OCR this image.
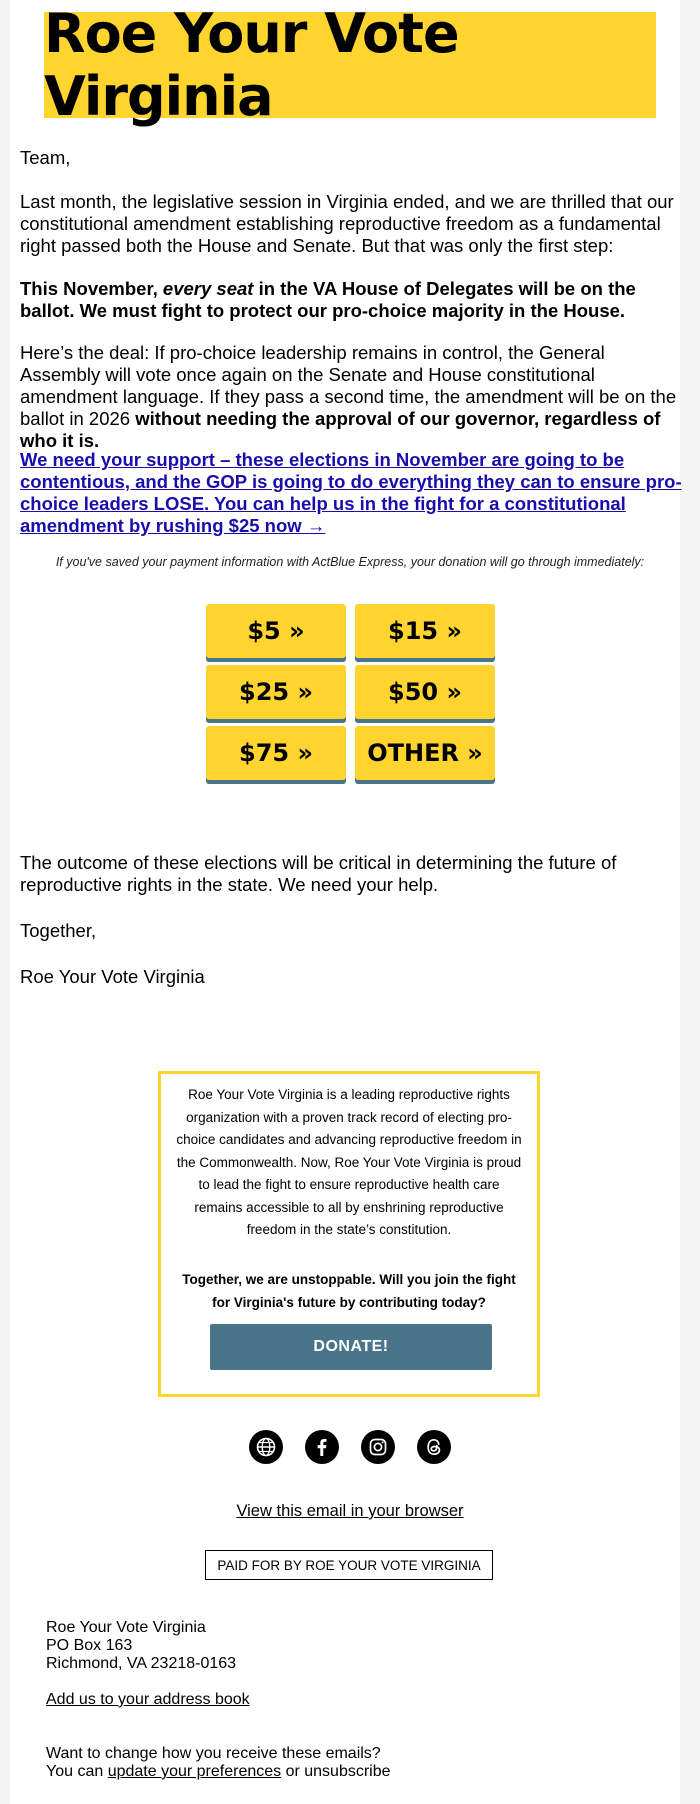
Roe Your Vote Virginia

Team,

Last month, the legislative session in Virginia ended, and we are thrilled that our constitutional amendment establishing reproductive freedom as a fundamental right passed both the House and Senate. But that was only the first step:

This November, every seat in the VA House of Delegates will be on the ballot. We must fight to protect our pro-choice majority in the House.

Here’s the deal: If pro-choice leadership remains in control, the General Assembly will vote once again on the Senate and House constitutional amendment language. If they pass a second time, the amendment will be on the ballot in 2026 without needing the approval of our governor, regardless of who it is.

We need your support – these elections in November are going to be contentious, and the GOP is going to do everything they can to ensure pro-choice leaders LOSE. You can help us in the fight for a constitutional amendment by rushing $25 now →

If you've saved your payment information with ActBlue Express, your donation will go through immediately:
$5 »	$15 »
$25 »	$50 »
$75 »	OTHER »

The outcome of these elections will be critical in determining the future of reproductive rights in the state. We need your help.

Together,

Roe Your Vote Virginia

Roe Your Vote Virginia is a leading reproductive rights organization with a proven track record of electing pro-choice candidates and advancing reproductive freedom in the Commonwealth. Now, Roe Your Vote Virginia is proud to lead the fight to ensure reproductive health care remains accessible to all by enshrining reproductive freedom in the state’s constitution.

Together, we are unstoppable. Will you join the fight for Virginia's future by contributing today?

DONATE!
View this email in your browser
PAID FOR BY ROE YOUR VOTE VIRGINIA
Roe Your Vote Virginia
PO Box 163
Richmond, VA 23218-0163
Add us to your address book
Want to change how you receive these emails?
You can update your preferences or unsubscribe
